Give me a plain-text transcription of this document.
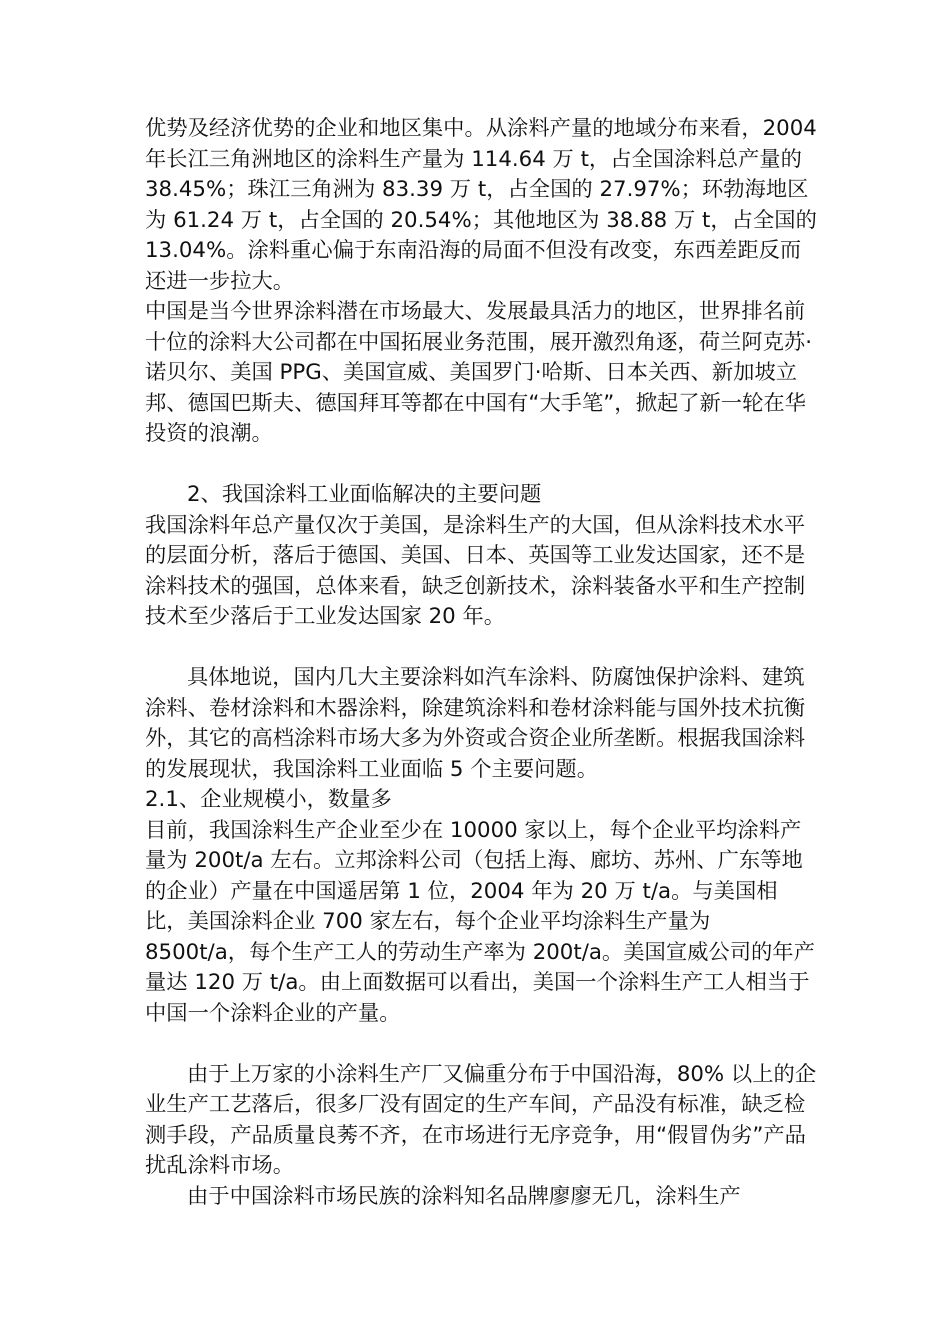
优势及经济优势的企业和地区集中。从涂料产量的地域分布来看，2004 年长江三角洲地区的涂料生产量为 114.64 万 t，占全国涂料总产量的 38.45%；珠江三角洲为 83.39 万 t，占全国的 27.97%；环勃海地区为 61.24 万 t，占全国的 20.54%；其他地区为 38.88 万 t，占全国的 13.04%。涂料重心偏于东南沿海的局面不但没有改变，东西差距反而还进一步拉大。

中国是当今世界涂料潜在市场最大、发展最具活力的地区，世界排名前十位的涂料大公司都在中国拓展业务范围，展开激烈角逐，荷兰阿克苏·诺贝尔、美国 PPG、美国宣威、美国罗门·哈斯、日本关西、新加坡立邦、德国巴斯夫、德国拜耳等都在中国有“大手笔”，掀起了新一轮在华投资的浪潮。

2、我国涂料工业面临解决的主要问题

我国涂料年总产量仅次于美国，是涂料生产的大国，但从涂料技术水平的层面分析，落后于德国、美国、日本、英国等工业发达国家，还不是涂料技术的强国，总体来看，缺乏创新技术，涂料装备水平和生产控制技术至少落后于工业发达国家 20 年。

具体地说，国内几大主要涂料如汽车涂料、防腐蚀保护涂料、建筑涂料、卷材涂料和木器涂料，除建筑涂料和卷材涂料能与国外技术抗衡外，其它的高档涂料市场大多为外资或合资企业所垄断。根据我国涂料的发展现状，我国涂料工业面临 5 个主要问题。

2.1、企业规模小，数量多

目前，我国涂料生产企业至少在 10000 家以上，每个企业平均涂料产量为 200t/a 左右。立邦涂料公司（包括上海、廊坊、苏州、广东等地的企业）产量在中国遥居第 1 位，2004 年为 20 万 t/a。与美国相比，美国涂料企业 700 家左右，每个企业平均涂料生产量为 8500t/a，每个生产工人的劳动生产率为 200t/a。美国宣威公司的年产量达 120 万 t/a。由上面数据可以看出，美国一个涂料生产工人相当于中国一个涂料企业的产量。

由于上万家的小涂料生产厂又偏重分布于中国沿海，80% 以上的企业生产工艺落后，很多厂没有固定的生产车间，产品没有标准，缺乏检测手段，产品质量良莠不齐，在市场进行无序竞争，用“假冒伪劣”产品扰乱涂料市场。

由于中国涂料市场民族的涂料知名品牌廖廖无几，涂料生产
